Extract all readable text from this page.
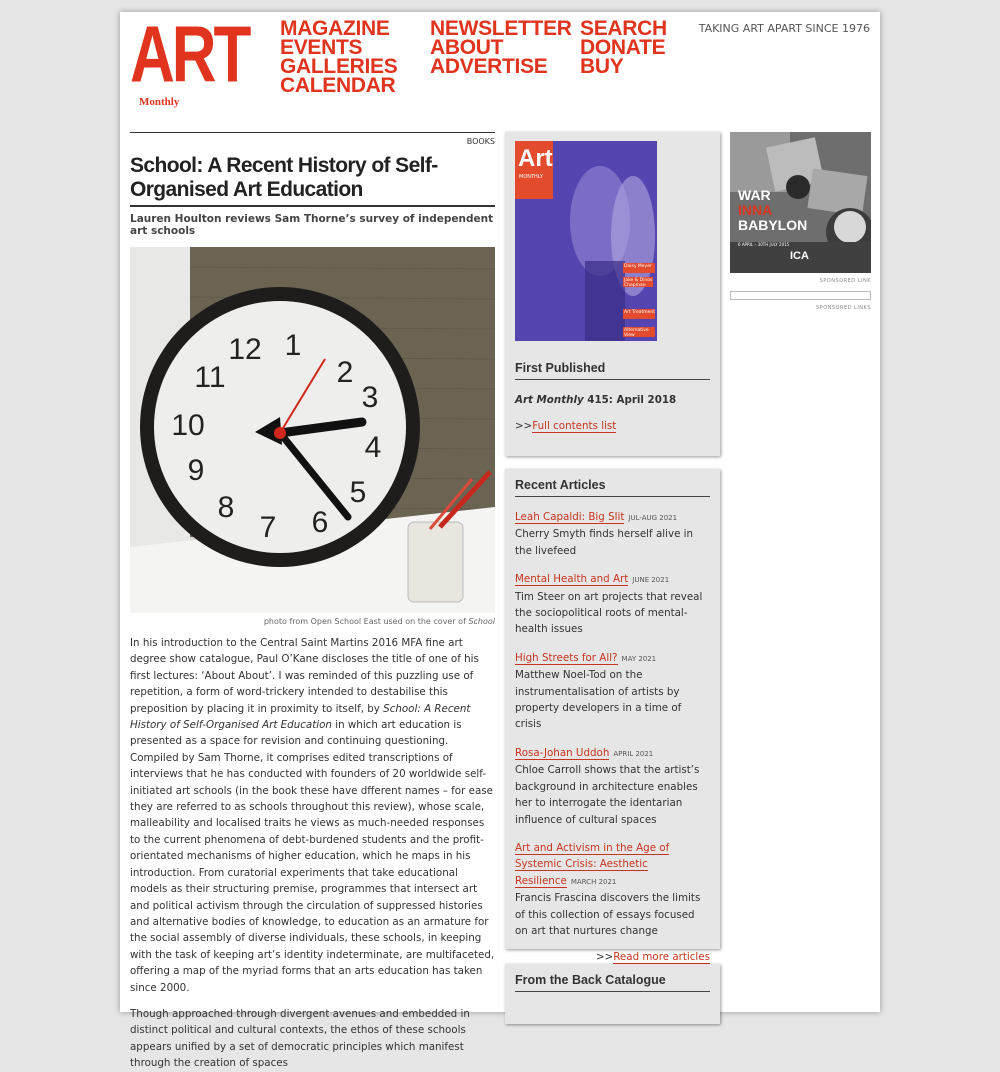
ART
Monthly
MAGAZINE
EVENTS
GALLERIES
CALENDAR
NEWSLETTER
ABOUT
ADVERTISE
SEARCH
DONATE
BUY
TAKING ART APART SINCE 1976
BOOKS
School: A Recent History of Self-Organised Art Education
Lauren Houlton reviews Sam Thorne’s survey of independent art schools
1
2
3
4
5
6
7
8
9
10
11
12
photo from Open School East used on the cover of School

In his introduction to the Central Saint Martins 2016 MFA fine art degree show catalogue, Paul O’Kane discloses the title of one of his first lectures: ‘About About’. I was reminded of this puzzling use of repetition, a form of word-trickery intended to destabilise this preposition by placing it in proximity to itself, by School: A Recent History of Self-Organised Art Education in which art education is presented as a space for revision and continuing questioning. Compiled by Sam Thorne, it comprises edited transcriptions of interviews that he has conducted with founders of 20 worldwide self-initiated art schools (in the book these have dfferent names – for ease they are referred to as schools throughout this review), whose scale, malleability and localised traits he views as much-needed responses to the current phenomena of debt-burdened students and the profit-orientated mechanisms of higher education, which he maps in his introduction. From curatorial experiments that take educational models as their structuring premise, programmes that intersect art and political activism through the circulation of suppressed histories and alternative bodies of knowledge, to education as an armature for the social assembly of diverse individuals, these schools, in keeping with the task of keeping art’s identity indeterminate, are multifaceted, offering a map of the myriad forms that an arts education has taken since 2000.

Though approached through divergent avenues and embedded in distinct political and cultural contexts, the ethos of these schools appears unified by a set of democratic principles which manifest through the creation of spaces

Art
MONTHLY
Daisy Meyer
Jake & Dinos Chapman
Art Treatment
Alternative View
First Published
Art Monthly 415: April 2018
>>Full contents list
Recent Articles
Leah Capaldi: Big Slit JUL-AUG 2021
Cherry Smyth finds herself alive in the livefeed
Mental Health and Art JUNE 2021
Tim Steer on art projects that reveal the sociopolitical roots of mental-health issues
High Streets for All? MAY 2021
Matthew Noel-Tod on the instrumentalisation of artists by property developers in a time of crisis
Rosa-Johan Uddoh APRIL 2021
Chloe Carroll shows that the artist’s background in architecture enables her to interrogate the identarian influence of cultural spaces
Art and Activism in the Age of Systemic Crisis: Aesthetic Resilience MARCH 2021
Francis Frascina discovers the limits of this collection of essays focused on art that nurtures change
>>Read more articles
From the Back Catalogue
WAR
INNA
BABYLON
6 APRIL – 30TH JULY 2015
ICA
SPONSORED LINK
SPONSORED LINKS
